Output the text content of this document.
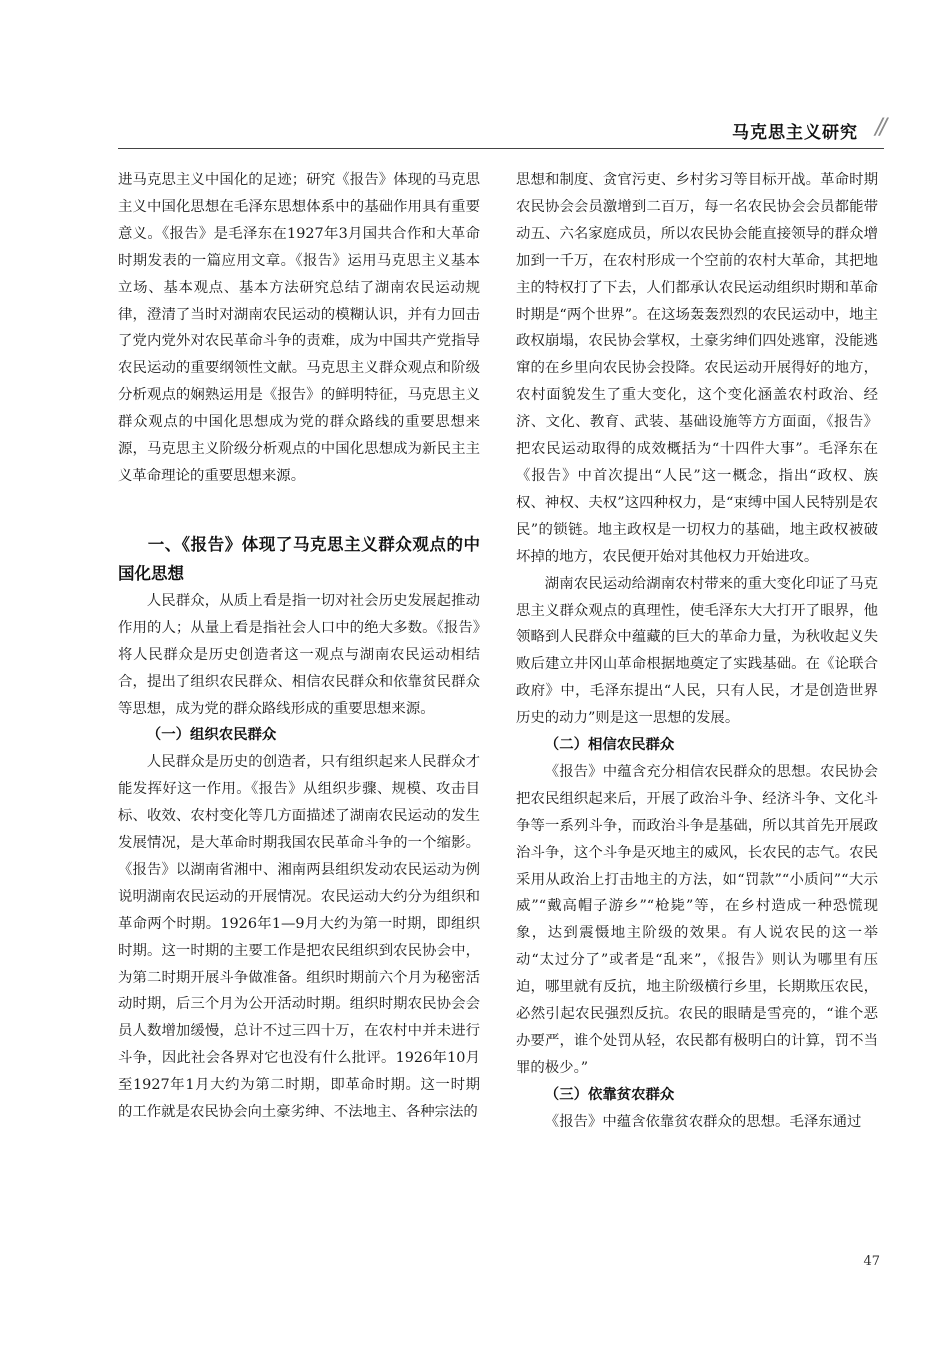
马克思主义研究 //

进马克思主义中国化的足迹；研究《报告》体现的马克思主义中国化思想在毛泽东思想体系中的基础作用具有重要意义。《报告》是毛泽东在1927年3月国共合作和大革命时期发表的一篇应用文章。《报告》运用马克思主义基本立场、基本观点、基本方法研究总结了湖南农民运动规律，澄清了当时对湖南农民运动的模糊认识，并有力回击了党内党外对农民革命斗争的责难，成为中国共产党指导农民运动的重要纲领性文献。马克思主义群众观点和阶级分析观点的娴熟运用是《报告》的鲜明特征，马克思主义群众观点的中国化思想成为党的群众路线的重要思想来源，马克思主义阶级分析观点的中国化思想成为新民主主义革命理论的重要思想来源。

一、《报告》体现了马克思主义群众观点的中国化思想

人民群众，从质上看是指一切对社会历史发展起推动作用的人；从量上看是指社会人口中的绝大多数。《报告》将人民群众是历史创造者这一观点与湖南农民运动相结合，提出了组织农民群众、相信农民群众和依靠贫民群众等思想，成为党的群众路线形成的重要思想来源。

（一）组织农民群众

人民群众是历史的创造者，只有组织起来人民群众才能发挥好这一作用。《报告》从组织步骤、规模、攻击目标、收效、农村变化等几方面描述了湖南农民运动的发生发展情况，是大革命时期我国农民革命斗争的一个缩影。《报告》以湖南省湘中、湘南两县组织发动农民运动为例说明湖南农民运动的开展情况。农民运动大约分为组织和革命两个时期。1926年1—9月大约为第一时期，即组织时期。这一时期的主要工作是把农民组织到农民协会中，为第二时期开展斗争做准备。组织时期前六个月为秘密活动时期，后三个月为公开活动时期。组织时期农民协会会员人数增加缓慢，总计不过三四十万，在农村中并未进行斗争，因此社会各界对它也没有什么批评。1926年10月至1927年1月大约为第二时期，即革命时期。这一时期的工作就是农民协会向土豪劣绅、不法地主、各种宗法的

思想和制度、贪官污吏、乡村劣习等目标开战。革命时期农民协会会员激增到二百万，每一名农民协会会员都能带动五、六名家庭成员，所以农民协会能直接领导的群众增加到一千万，在农村形成一个空前的农村大革命，其把地主的特权打了下去，人们都承认农民运动组织时期和革命时期是“两个世界”。在这场轰轰烈烈的农民运动中，地主政权崩塌，农民协会掌权，土豪劣绅们四处逃窜，没能逃窜的在乡里向农民协会投降。农民运动开展得好的地方，农村面貌发生了重大变化，这个变化涵盖农村政治、经济、文化、教育、武装、基础设施等方方面面，《报告》把农民运动取得的成效概括为“十四件大事”。毛泽东在《报告》中首次提出“人民”这一概念，指出“政权、族权、神权、夫权”这四种权力，是“束缚中国人民特别是农民”的锁链。地主政权是一切权力的基础，地主政权被破坏掉的地方，农民便开始对其他权力开始进攻。

湖南农民运动给湖南农村带来的重大变化印证了马克思主义群众观点的真理性，使毛泽东大大打开了眼界，他领略到人民群众中蕴藏的巨大的革命力量，为秋收起义失败后建立井冈山革命根据地奠定了实践基础。在《论联合政府》中，毛泽东提出“人民，只有人民，才是创造世界历史的动力”则是这一思想的发展。

（二）相信农民群众

《报告》中蕴含充分相信农民群众的思想。农民协会把农民组织起来后，开展了政治斗争、经济斗争、文化斗争等一系列斗争，而政治斗争是基础，所以其首先开展政治斗争，这个斗争是灭地主的威风，长农民的志气。农民采用从政治上打击地主的方法，如“罚款”“小质问”“大示威”“戴高帽子游乡”“枪毙”等，在乡村造成一种恐慌现象，达到震慑地主阶级的效果。有人说农民的这一举动“太过分了”或者是“乱来”，《报告》则认为哪里有压迫，哪里就有反抗，地主阶级横行乡里，长期欺压农民，必然引起农民强烈反抗。农民的眼睛是雪亮的，“谁个恶办要严，谁个处罚从轻，农民都有极明白的计算，罚不当罪的极少。”

（三）依靠贫农群众

《报告》中蕴含依靠贫农群众的思想。毛泽东通过

47
